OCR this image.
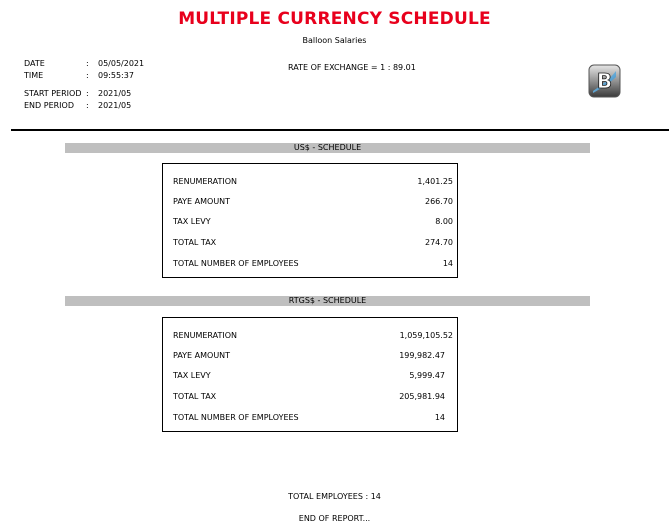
MULTIPLE CURRENCY SCHEDULE
Balloon Salaries
DATE	:	05/05/2021
TIME	:	09:55:37
START PERIOD :	2021/05
END PERIOD	:	2021/05
RATE OF EXCHANGE = 1 : 89.01
B
US$ - SCHEDULE
RENUMERATION	1,401.25
PAYE AMOUNT	266.70
TAX LEVY	8.00
TOTAL TAX	274.70
TOTAL NUMBER OF EMPLOYEES	14
RTGS$ - SCHEDULE
RENUMERATION	1,059,105.52
PAYE AMOUNT	199,982.47
TAX LEVY	5,999.47
TOTAL TAX	205,981.94
TOTAL NUMBER OF EMPLOYEES	14
TOTAL EMPLOYEES : 14
END OF REPORT...
